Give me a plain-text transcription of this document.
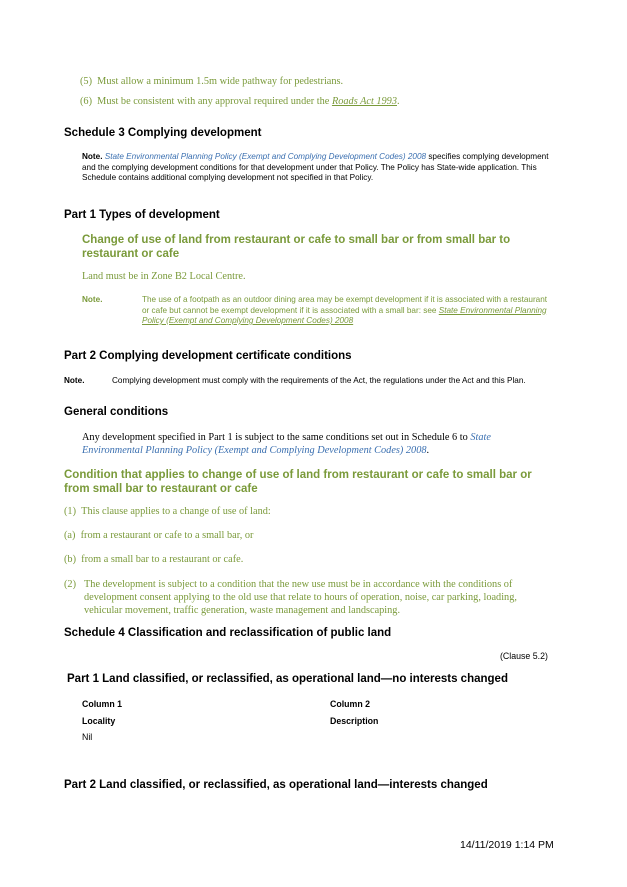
(5) Must allow a minimum 1.5m wide pathway for pedestrians.
(6) Must be consistent with any approval required under the Roads Act 1993.
Schedule 3 Complying development
Note. State Environmental Planning Policy (Exempt and Complying Development Codes) 2008 specifies complying development and the complying development conditions for that development under that Policy. The Policy has State-wide application. This Schedule contains additional complying development not specified in that Policy.
Part 1 Types of development
Change of use of land from restaurant or cafe to small bar or from small bar to restaurant or cafe
Land must be in Zone B2 Local Centre.
Note.	The use of a footpath as an outdoor dining area may be exempt development if it is associated with a restaurant or cafe but cannot be exempt development if it is associated with a small bar: see State Environmental Planning Policy (Exempt and Complying Development Codes) 2008
Part 2 Complying development certificate conditions
Note.	Complying development must comply with the requirements of the Act, the regulations under the Act and this Plan.
General conditions
Any development specified in Part 1 is subject to the same conditions set out in Schedule 6 to State Environmental Planning Policy (Exempt and Complying Development Codes) 2008.
Condition that applies to change of use of land from restaurant or cafe to small bar or from small bar to restaurant or cafe
(1) This clause applies to a change of use of land:
(a) from a restaurant or cafe to a small bar, or
(b) from a small bar to a restaurant or cafe.
(2) The development is subject to a condition that the new use must be in accordance with the conditions of development consent applying to the old use that relate to hours of operation, noise, car parking, loading, vehicular movement, traffic generation, waste management and landscaping.
Schedule 4 Classification and reclassification of public land
(Clause 5.2)
Part 1 Land classified, or reclassified, as operational land—no interests changed
Column 1	Column 2
Locality	Description
Nil
Part 2 Land classified, or reclassified, as operational land—interests changed
14/11/2019 1:14 PM
